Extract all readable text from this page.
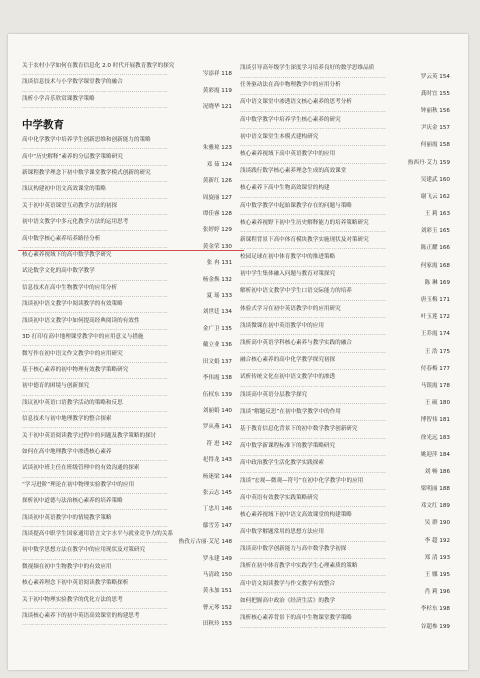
关于农村小学如何在教育信息化 2.0 时代开展教育教学的探究
…………………………………………………………………………………………… 岑添祥 118
浅谈信息技术与小学数学课堂教学的融合
…………………………………………………………………………………………… 黄彩霞 119
浅析小学音乐欣赏课教学策略
…………………………………………………………………………………………… 况晓华 121
中学教育
高中化学教学中培养学生创新思维和创新能力的策略
…………………………………………………………………………………………… 朱雅琼 123
高中“历史解释”素养的分层教学策略研究
…………………………………………………………………………………………… 邓 茹 124
新课程教学理念下初中数学课堂教学模式创新的研究
…………………………………………………………………………………………… 黄新红 126
浅议构建初中语文高效课堂的策略
…………………………………………………………………………………………… 周旋丽 127
关于初中英语课堂互动教学方法的初探
…………………………………………………………………………………………… 谭佳睿 128
初中语文教学中多元化教学方法的运用思考
…………………………………………………………………………………………… 张婷婷 129
高中数学核心素养培养路径分析
…………………………………………………………………………………………… 黄金荣 130
核心素养视域下的高中数学教学研究
…………………………………………………………………………………………… 张 冉 131
试论数学文化的高中数学教学
…………………………………………………………………………………………… 杨金焕 132
信息技术在高中生物教学中的应用分析
…………………………………………………………………………………………… 夏 瑶 133
浅谈初中语文教学中阅读教学的有效策略
…………………………………………………………………………………………… 刘世廷 134
浅谈初中语文教学中如何提高经典阅读的有效性
…………………………………………………………………………………………… 金广卫 135
3D 打印在高中地理课堂教学中的应用意义与措施
…………………………………………………………………………………………… 戴立业 136
微写作在初中语文作文教学中的应用研究
…………………………………………………………………………………………… 田文娟 137
基于核心素养的初中物理有效教学策略研究
…………………………………………………………………………………………… 李伟霞 138
初中德育的困境与创新探究
…………………………………………………………………………………………… 伍权东 139
浅议初中英语口语教学活动的策略和反思
…………………………………………………………………………………………… 刘丽娟 140
信息技术与初中地理教学的整合探索
…………………………………………………………………………………………… 罗从燕 141
关于初中英语阅读教学过程中的问题及教学策略的探讨
…………………………………………………………………………………………… 符 进 142
如何在高中地理教学中渗透核心素养
…………………………………………………………………………………………… 祀得龙 143
试谈初中班主任在班级管理中的有效沟通的探索
…………………………………………………………………………………………… 杨迷梁 144
“学习进阶”理论在初中物理实验教学中的应用
…………………………………………………………………………………………… 张云志 145
探析初中道德与法治核心素养的培养策略
…………………………………………………………………………………………… 丁忠川 146
浅谈初中英语教学中的情境教学策略
…………………………………………………………………………………………… 鄢雪芳 147
浅谈提高中职学生国家通用语言文字水平与就业竞争力的关系
…………………………………………………………………………………………… 热孜万古丽·艾尼 148
初中数学思想方法在教学中的应用现状及对策研究
…………………………………………………………………………………………… 罗永建 149
微视频在初中生物教学中的有效应用
…………………………………………………………………………………………… 马清政 150
核心素养理念下初中英语阅读教学策略探析
…………………………………………………………………………………………… 黄永加 151
关于初中物理实验教学的优化方法的思考
…………………………………………………………………………………………… 曹元琴 152
浅谈核心素养下的初中英语高效课堂的构建思考
…………………………………………………………………………………………… 田秋玲 153
浅谈引导高年级学生深度学习培养良好的数学思维品质
…………………………………………………………………………………………… 罗云英 154
任务驱动法在高中物理教学中的应用分析
…………………………………………………………………………………………… 龚时宜 155
高中语文课堂中渗透语文核心素养的思考分析
…………………………………………………………………………………………… 钟丽秋 156
高中数学教学中培养学生核心素养的研究
…………………………………………………………………………………………… 尹庆金 157
初中语文课堂生本模式建构研究
…………………………………………………………………………………………… 何丽霞 158
核心素养视域下高中英语教学中的应用
…………………………………………………………………………………………… 热西丹·艾力 159
浅谈践行数学核心素养理念生成的高效课堂
…………………………………………………………………………………………… 吴建武 160
核心素养下高中生物高效课堂的构建
…………………………………………………………………………………………… 谢飞云 162
高中数学教学中起始课教学存在的问题与策略
…………………………………………………………………………………………… 王 莉 163
核心素养视野下初中生历史解释能力的培养策略研究
…………………………………………………………………………………………… 刘彩玉 165
新课程背景下高中体育模块教学实施现状及对策研究
…………………………………………………………………………………………… 陈正耀 166
校园足球在初中体育教学中的推进策略
…………………………………………………………………………………………… 何家霞 168
初中学生集体融入问题与教育对策探究
…………………………………………………………………………………………… 陈 琳 169
解析初中语文教学中学生口语交际能力的培养
…………………………………………………………………………………………… 唐玉梅 171
体验式学习在初中英语教学中的应用研究
…………………………………………………………………………………………… 叶玉莲 172
浅谈微课在初中英语教学中的应用
…………………………………………………………………………………………… 王乔霞 174
浅析高中英语学科核心素养与教学实践的融合
…………………………………………………………………………………………… 王 浩 175
融合核心素养的高中化学教学探究初探
…………………………………………………………………………………………… 付春梅 177
试析传统文化在初中语文教学中的渗透
…………………………………………………………………………………………… 马银霞 178
浅谈高中英语分层教学探究
…………………………………………………………………………………………… 王 硕 180
浅谈“解题反思”在初中数学教学中的作用
…………………………………………………………………………………………… 博智伟 181
基于教育信息化背景下的初中数学教学创新研究
…………………………………………………………………………………………… 徐光远 183
高中数学新课程标准下的教学策略研究
…………………………………………………………………………………………… 姚迎萍 184
高中政治教学生活化教学实践探索
…………………………………………………………………………………………… 刘 畅 186
浅谈“宏观—微观—符号”在初中化学教学中的应用
…………………………………………………………………………………………… 梁明丽 188
高中英语有效教学实践策略研究
…………………………………………………………………………………………… 邓文红 189
核心素养视域下初中语文高效课堂的构建策略
…………………………………………………………………………………………… 吴 群 190
高中数学解题常用的思想方法应用
…………………………………………………………………………………………… 李 超 192
浅谈高中数学创新能力与高中数学教学初探
…………………………………………………………………………………………… 郑 清 193
浅析在初中体育教学中实践学生心理素质的策略
…………………………………………………………………………………………… 王 娜 195
高中语文阅读教学与作文教学有效整合
…………………………………………………………………………………………… 肖 莉 196
如何把握高中政治《经济生活》的教学
…………………………………………………………………………………………… 李杉东 198
浅析核心素养背景下的高中生物课堂教学策略
…………………………………………………………………………………………… 谷超参 199
